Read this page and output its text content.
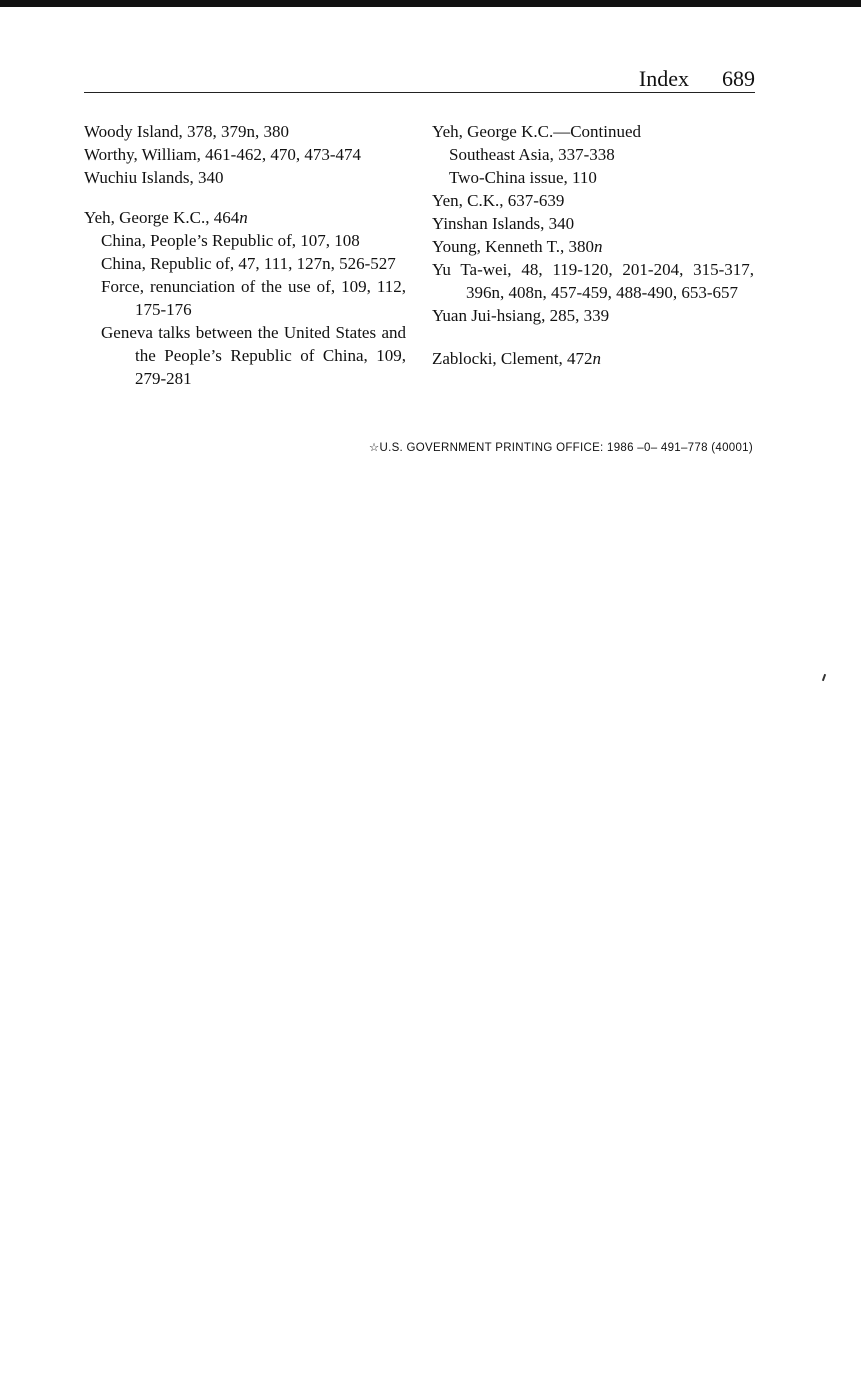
Index 689

Woody Island, 378, 379n, 380

Worthy, William, 461-462, 470, 473-474

Wuchiu Islands, 340

Yeh, George K.C., 464n

China, People’s Republic of, 107, 108

China, Republic of, 47, 111, 127n, 526-527

Force, renunciation of the use of, 109, 112, 175-176

Geneva talks between the United States and the People’s Republic of China, 109, 279-281

Yeh, George K.C.—Continued

Southeast Asia, 337-338

Two-China issue, 110

Yen, C.K., 637-639

Yinshan Islands, 340

Young, Kenneth T., 380n

Yu Ta-wei, 48, 119-120, 201-204, 315-317, 396n, 408n, 457-459, 488-490, 653-657

Yuan Jui-hsiang, 285, 339

Zablocki, Clement, 472n

☆U.S. GOVERNMENT PRINTING OFFICE: 1986 –0– 491–778 (40001)
